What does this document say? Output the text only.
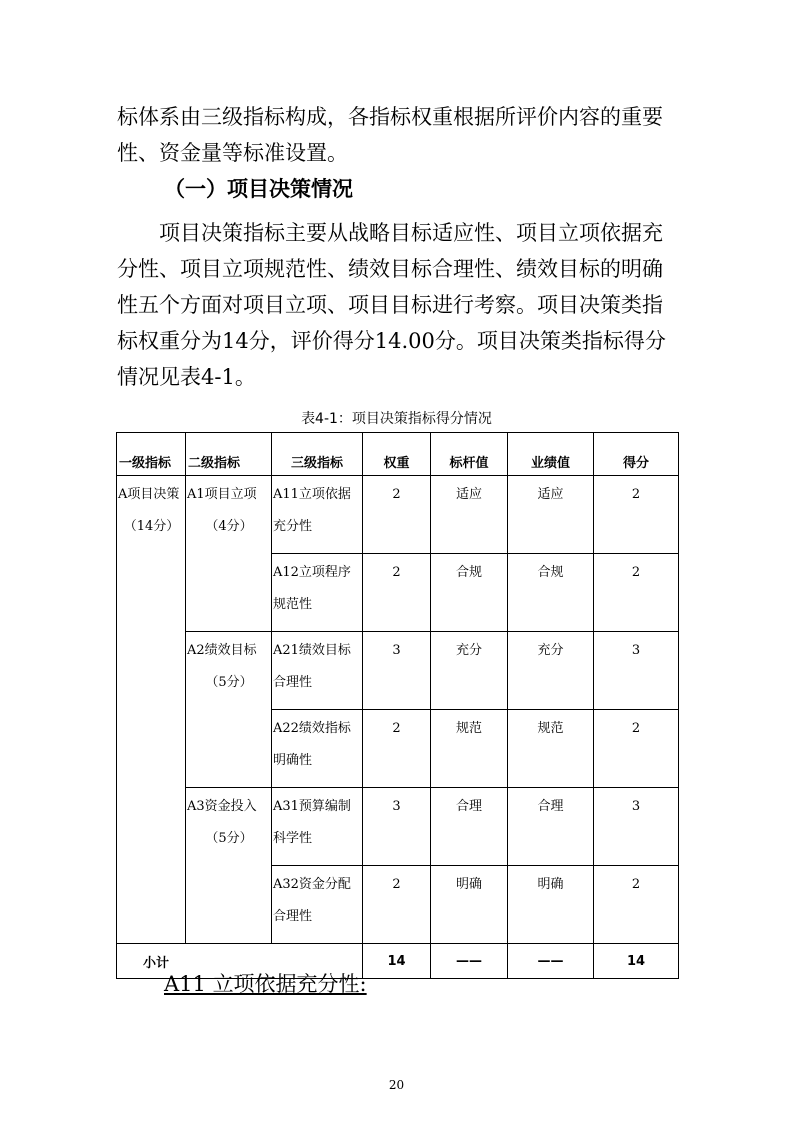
标体系由三级指标构成，各指标权重根据所评价内容的重要性、资金量等标准设置。

（一）项目决策情况

项目决策指标主要从战略目标适应性、项目立项依据充分性、项目立项规范性、绩效目标合理性、绩效目标的明确性五个方面对项目立项、项目目标进行考察。项目决策类指标权重分为14分，评价得分14.00分。项目决策类指标得分情况见表4-1。

表4-1：项目决策指标得分情况
一级指标	二级指标	三级指标	权重	标杆值	业绩值	得分

A项目决策
（14分）	A1项目立项
（4分）	A11立项依据
充分性	2	适应	适应	2

		A12立项程序
规范性	2	合规	合规	2

	A2绩效目标
（5分）	A21绩效目标
合理性	3	充分	充分	3

		A22绩效指标
明确性	2	规范	规范	2

	A3资金投入
（5分）	A31预算编制
科学性	3	合理	合理	3

		A32资金分配
合理性	2	明确	明确	2
小计			14	——	——	14

A11 立项依据充分性:

20
